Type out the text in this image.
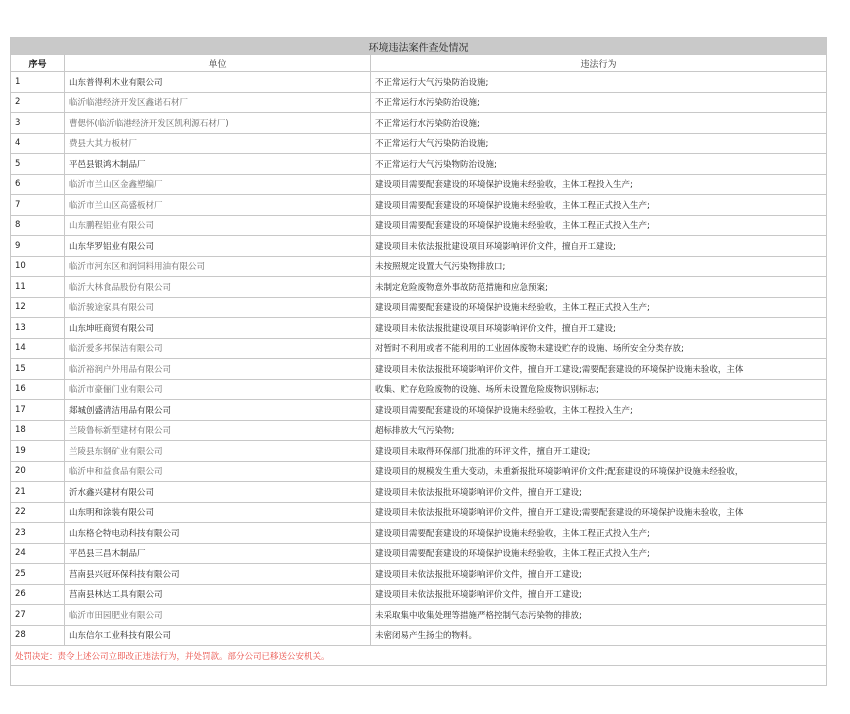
环境违法案件查处情况		
序号	单位	违法行为
1	山东普得利木业有限公司	不正常运行大气污染防治设施;
2	临沂临港经济开发区鑫诺石材厂	不正常运行水污染防治设施;
3	曹偲怀(临沂临港经济开发区凯利源石材厂)	不正常运行水污染防治设施;
4	费县大其力板材厂	不正常运行大气污染防治设施;
5	平邑县银鸿木制品厂	不正常运行大气污染物防治设施;
6	临沂市兰山区金鑫塑编厂	建设项目需要配套建设的环境保护设施未经验收，主体工程投入生产;
7	临沂市兰山区高盛板材厂	建设项目需要配套建设的环境保护设施未经验收，主体工程正式投入生产;
8	山东鹏程铝业有限公司	建设项目需要配套建设的环境保护设施未经验收，主体工程正式投入生产;
9	山东华罗铝业有限公司	建设项目未依法报批建设项目环境影响评价文件，擅自开工建设;
10	临沂市河东区和润饲料用油有限公司	未按照规定设置大气污染物排放口;
11	临沂大林食品股份有限公司	未制定危险废物意外事故防范措施和应急预案;
12	临沂骏途家具有限公司	建设项目需要配套建设的环境保护设施未经验收，主体工程正式投入生产;
13	山东坤旺商贸有限公司	建设项目未依法报批建设项目环境影响评价文件，擅自开工建设;
14	临沂爱多邦保洁有限公司	对暂时不利用或者不能利用的工业固体废物未建设贮存的设施、场所安全分类存放;
15	临沂裕润户外用品有限公司	建设项目未依法报批环境影响评价文件，擅自开工建设;需要配套建设的环境保护设施未验收，主体
16	临沂市豪俪门业有限公司	收集、贮存危险废物的设施、场所未设置危险废物识别标志;
17	郯城创盛清洁用品有限公司	建设项目需要配套建设的环境保护设施未经验收，主体工程投入生产;
18	兰陵鲁标新型建材有限公司	超标排放大气污染物;
19	兰陵县东钢矿业有限公司	建设项目未取得环保部门批准的环评文件，擅自开工建设;
20	临沂申和益食品有限公司	建设项目的规模发生重大变动，未重新报批环境影响评价文件;配套建设的环境保护设施未经验收，
21	沂水鑫兴建材有限公司	建设项目未依法报批环境影响评价文件，擅自开工建设;
22	山东明和涂装有限公司	建设项目未依法报批环境影响评价文件，擅自开工建设;需要配套建设的环境保护设施未验收，主体
23	山东格仑特电动科技有限公司	建设项目需要配套建设的环境保护设施未经验收，主体工程正式投入生产;
24	平邑县三昌木制品厂	建设项目需要配套建设的环境保护设施未经验收，主体工程正式投入生产;
25	莒南县兴冠环保科技有限公司	建设项目未依法报批环境影响评价文件，擅自开工建设;
26	莒南县林达工具有限公司	建设项目未依法报批环境影响评价文件，擅自开工建设;
27	临沂市田园肥业有限公司	未采取集中收集处理等措施严格控制气态污染物的排放;
28	山东信尔工业科技有限公司	未密闭易产生扬尘的物料。
处罚决定：责令上述公司立即改正违法行为，并处罚款。部分公司已移送公安机关。		
